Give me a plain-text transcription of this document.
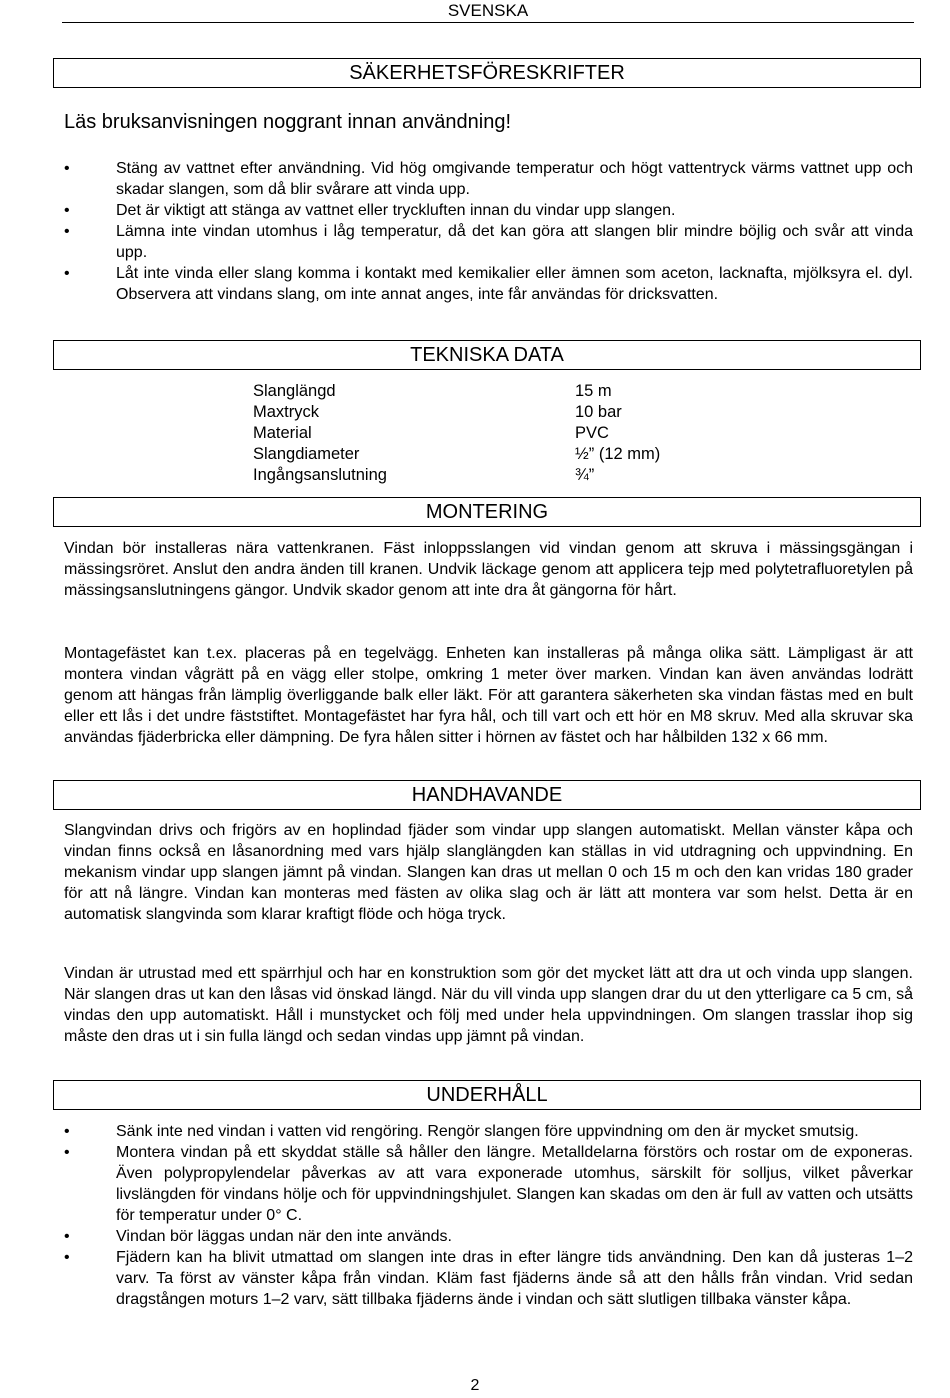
SVENSKA
SÄKERHETSFÖRESKRIFTER
Läs bruksanvisningen noggrant innan användning!
•	Stäng av vattnet efter användning. Vid hög omgivande temperatur och högt vattentryck värms vattnet upp och skadar slangen, som då blir svårare att vinda upp.
•	Det är viktigt att stänga av vattnet eller tryckluften innan du vindar upp slangen.
•	Lämna inte vindan utomhus i låg temperatur, då det kan göra att slangen blir mindre böjlig och svår att vinda upp.
•	Låt inte vinda eller slang komma i kontakt med kemikalier eller ämnen som aceton, lacknafta, mjölksyra el. dyl. Observera att vindans slang, om inte annat anges, inte får användas för dricksvatten.
TEKNISKA DATA
Slanglängd	15 m
Maxtryck	10 bar
Material	PVC
Slangdiameter	½” (12 mm)
Ingångsanslutning	¾”
MONTERING

Vindan bör installeras nära vattenkranen. Fäst inloppsslangen vid vindan genom att skruva i mässingsgängan i mässingsröret. Anslut den andra änden till kranen. Undvik läckage genom att applicera tejp med polytetrafluoretylen på mässingsanslutningens gängor. Undvik skador genom att inte dra åt gängorna för hårt.

Montagefästet kan t.ex. placeras på en tegelvägg. Enheten kan installeras på många olika sätt. Lämpligast är att montera vindan vågrätt på en vägg eller stolpe, omkring 1 meter över marken. Vindan kan även användas lodrätt genom att hängas från lämplig överliggande balk eller läkt. För att garantera säkerheten ska vindan fästas med en bult eller ett lås i det undre fäststiftet. Montagefästet har fyra hål, och till vart och ett hör en M8 skruv. Med alla skruvar ska användas fjäderbricka eller dämpning. De fyra hålen sitter i hörnen av fästet och har hålbilden 132 x 66 mm.

HANDHAVANDE

Slangvindan drivs och frigörs av en hoplindad fjäder som vindar upp slangen automatiskt. Mellan vänster kåpa och vindan finns också en låsanordning med vars hjälp slanglängden kan ställas in vid utdragning och uppvindning. En mekanism vindar upp slangen jämnt på vindan. Slangen kan dras ut mellan 0 och 15 m och den kan vridas 180 grader för att nå längre. Vindan kan monteras med fästen av olika slag och är lätt att montera var som helst. Detta är en automatisk slangvinda som klarar kraftigt flöde och höga tryck.

Vindan är utrustad med ett spärrhjul och har en konstruktion som gör det mycket lätt att dra ut och vinda upp slangen. När slangen dras ut kan den låsas vid önskad längd. När du vill vinda upp slangen drar du ut den ytterligare ca 5 cm, så vindas den upp automatiskt. Håll i munstycket och följ med under hela uppvindningen. Om slangen trasslar ihop sig måste den dras ut i sin fulla längd och sedan vindas upp jämnt på vindan.

UNDERHÅLL
•	Sänk inte ned vindan i vatten vid rengöring. Rengör slangen före uppvindning om den är mycket smutsig.
•	Montera vindan på ett skyddat ställe så håller den längre. Metalldelarna förstörs och rostar om de exponeras. Även polypropylendelar påverkas av att vara exponerade utomhus, särskilt för solljus, vilket påverkar livslängden för vindans hölje och för uppvindningshjulet. Slangen kan skadas om den är full av vatten och utsätts för temperatur under 0° C.
•	Vindan bör läggas undan när den inte används.
•	Fjädern kan ha blivit utmattad om slangen inte dras in efter längre tids användning. Den kan då justeras 1–2 varv. Ta först av vänster kåpa från vindan. Kläm fast fjäderns ände så att den hålls från vindan. Vrid sedan dragstången moturs 1–2 varv, sätt tillbaka fjäderns ände i vindan och sätt slutligen tillbaka vänster kåpa.
2
